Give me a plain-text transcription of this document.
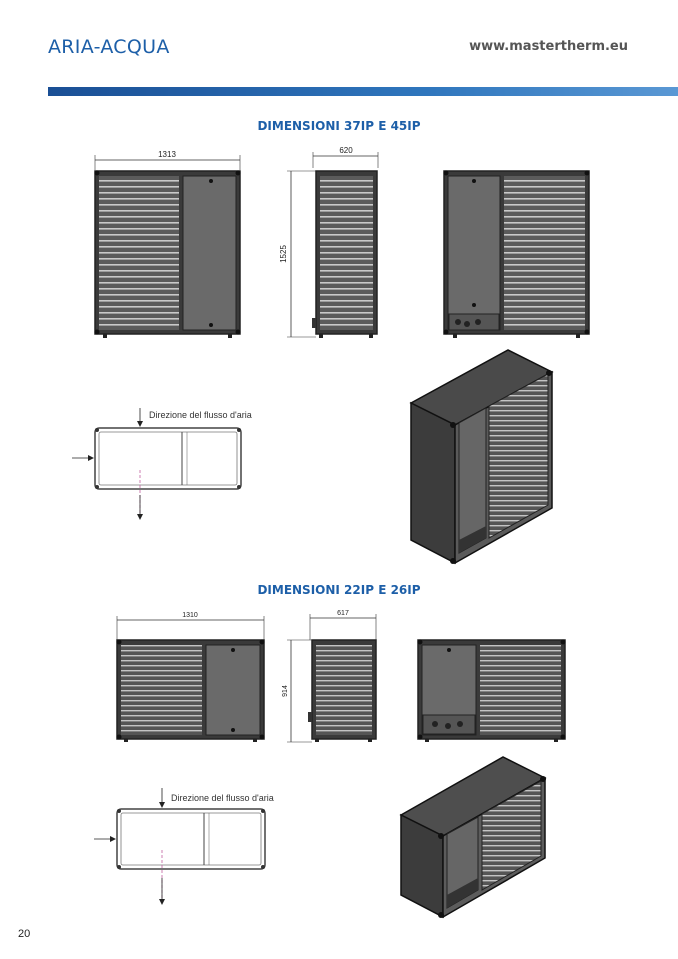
ARIA-ACQUA	www.mastertherm.eu
DIMENSIONI 37IP E 45IP
DIMENSIONI 22IP E 26IP
1313	620
1525
Direzione del flusso d'aria
1310	617
914
Direzione del flusso d'aria
20
